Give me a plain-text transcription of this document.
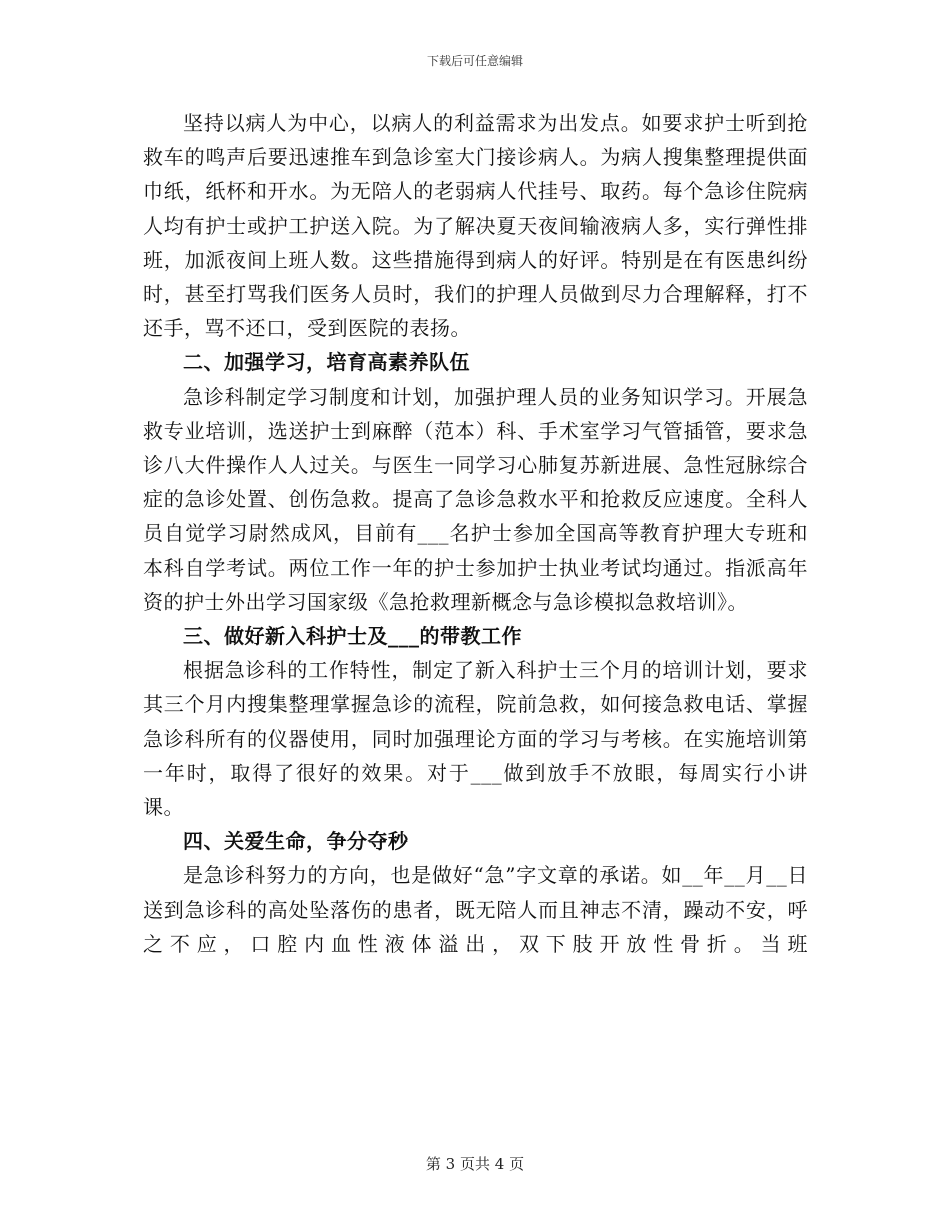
下载后可任意编辑

坚持以病人为中心，以病人的利益需求为出发点。如要求护士听到抢救车的鸣声后要迅速推车到急诊室大门接诊病人。为病人搜集整理提供面巾纸，纸杯和开水。为无陪人的老弱病人代挂号、取药。每个急诊住院病人均有护士或护工护送入院。为了解决夏天夜间输液病人多，实行弹性排班，加派夜间上班人数。这些措施得到病人的好评。特别是在有医患纠纷时，甚至打骂我们医务人员时，我们的护理人员做到尽力合理解释，打不还手，骂不还口，受到医院的表扬。

二、加强学习，培育高素养队伍

急诊科制定学习制度和计划，加强护理人员的业务知识学习。开展急救专业培训，选送护士到麻醉（范本）科、手术室学习气管插管，要求急诊八大件操作人人过关。与医生一同学习心肺复苏新进展、急性冠脉综合症的急诊处置、创伤急救。提高了急诊急救水平和抢救反应速度。全科人员自觉学习尉然成风，目前有___名护士参加全国高等教育护理大专班和本科自学考试。两位工作一年的护士参加护士执业考试均通过。指派高年资的护士外出学习国家级《急抢救理新概念与急诊模拟急救培训》。

三、做好新入科护士及___的带教工作

根据急诊科的工作特性，制定了新入科护士三个月的培训计划，要求其三个月内搜集整理掌握急诊的流程，院前急救，如何接急救电话、掌握急诊科所有的仪器使用，同时加强理论方面的学习与考核。在实施培训第一年时，取得了很好的效果。对于___做到放手不放眼，每周实行小讲课。

四、关爱生命，争分夺秒

是急诊科努力的方向，也是做好“急”字文章的承诺。如__年__月__日送到急诊科的高处坠落伤的患者，既无陪人而且神志不清，躁动不安，呼之不应，口腔内血性液体溢出，双下肢开放性骨折。当班

第 3 页共 4 页
